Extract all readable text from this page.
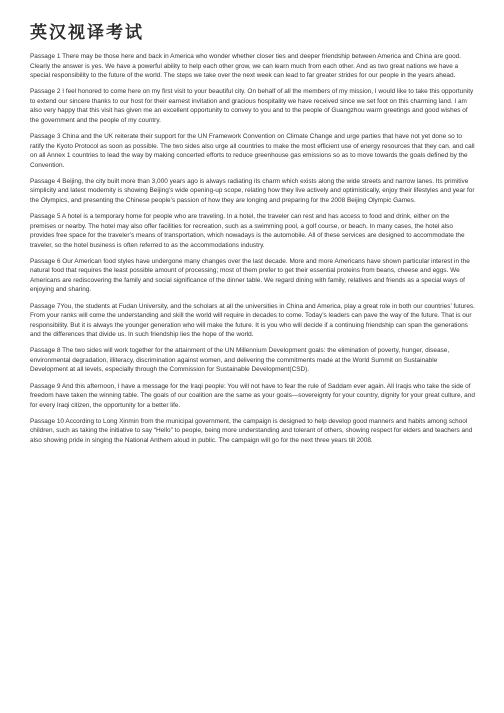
英汉视译考试

Passage 1 There may be those here and back in America who wonder whether closer ties and deeper friendship between America and China are good. Clearly the answer is yes. We have a powerful ability to help each other grow, we can learn much from each other. And as two great nations we have a special responsibility to the future of the world. The steps we take over the next week can lead to far greater strides for our people in the years ahead.

Passage 2 I feel honored to come here on my first visit to your beautiful city. On behalf of all the members of my mission, I would like to take this opportunity to extend our sincere thanks to our host for their earnest invitation and gracious hospitality we have received since we set foot on this charming land. I am also very happy that this visit has given me an excellent opportunity to convey to you and to the people of Guangzhou warm greetings and good wishes of the government and the people of my country.

Passage 3 China and the UK reiterate their support for the UN Framework Convention on Climate Change and urge parties that have not yet done so to ratify the Kyoto Protocol as soon as possible. The two sides also urge all countries to make the most efficient use of energy resources that they can. and call on all Annex 1 countries to lead the way by making concerted efforts to reduce greenhouse gas emissions so as to move towards the goals defined by the Convention.

Passage 4 Beijing, the city built more than 3,000 years ago is always radiating its charm which exists along the wide streets and narrow lanes. Its primitive simplicity and latest modernity is showing Beijing’s wide opening-up scope, relating how they live actively and optimistically, enjoy their lifestyles and year for the Olympics, and presenting the Chinese people’s passion of how they are longing and preparing for the 2008 Beijing Olympic Games.

Passage 5 A hotel is a temporary home for people who are traveling. In a hotel, the traveler can rest and has access to food and drink, either on the premises or nearby. The hotel may also offer facilities for recreation, such as a swimming pool, a golf course, or beach. In many cases, the hotel also provides free space for the traveler’s means of transportation, which nowadays is the automobile. All of these services are designed to accommodate the traveler, so the hotel business is often referred to as the accommodations industry.

Passage 6 Our American food styles have undergone many changes over the last decade. More and more Americans have shown particular interest in the natural food that requires the least possible amount of processing; most of them prefer to get their essential proteins from beans, cheese and eggs. We Americans are rediscovering the family and social significance of the dinner table. We regard dining with family, relatives and friends as a special ways of enjoying and sharing.

Passage 7You, the students at Fudan University, and the scholars at all the universities in China and America, play a great role in both our countries’ futures. From your ranks will come the understanding and skill the world will require in decades to come. Today’s leaders can pave the way of the future. That is our responsibility. But it is always the younger generation who will make the future. It is you who will decide if a continuing friendship can span the generations and the differences that divide us. In such friendship lies the hope of the world.

Passage 8 The two sides will work together for the attainment of the UN Millennium Development goals: the elimination of poverty, hunger, disease, environmental degradation, illiteracy, discrimination against women, and delivering the commitments made at the World Summit on Sustainable Development at all levels, especially through the Commission for Sustainable Development(CSD).

Passage 9 And this afternoon, I have a message for the Iraqi people: You will not have to fear the rule of Saddam ever again. All Iraqis who take the side of freedom have taken the winning table. The goals of our coalition are the same as your goals—sovereignty for your country, dignity for your great culture, and for every Iraqi citizen, the opportunity for a better life.

Passage 10 According to Long Xinmin from the municipal government, the campaign is designed to help develop good manners and habits among school children, such as taking the initiative to say “Hello” to people, being more understanding and tolerant of others, showing respect for elders and teachers and also showing pride in singing the National Anthem aloud in public. The campaign will go for the next three years till 2008.
